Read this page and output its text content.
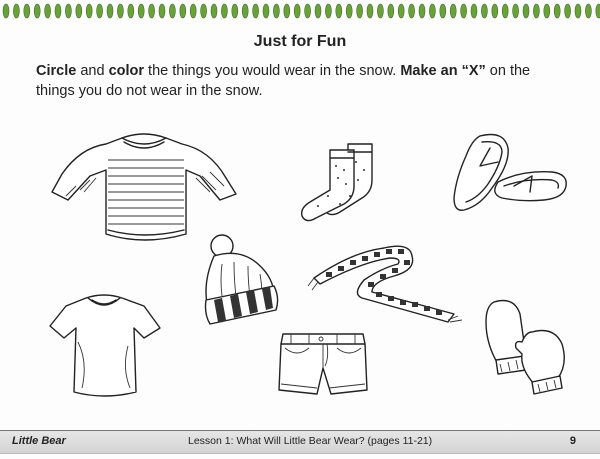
Just for Fun
Circle and color the things you would wear in the snow. Make an “X” on the things you do not wear in the snow.
Little Bear	Lesson 1: What Will Little Bear Wear? (pages 11-21)	9
